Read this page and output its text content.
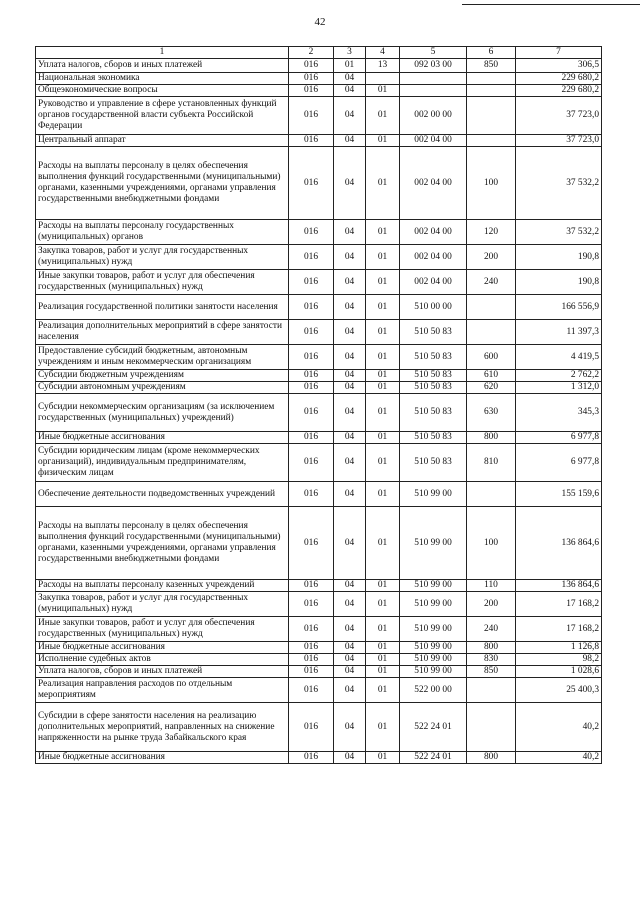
42
1	2	3	4	5	6	7
Уплата налогов, сборов и иных платежей	016	01	13	092 03 00	850	306,5
Национальная экономика	016	04				229 680,2
Общеэкономические вопросы	016	04	01			229 680,2
Руководство и управление в сфере установленных функций органов государственной власти субъекта Российской Федерации	016	04	01	002 00 00		37 723,0
Центральный аппарат	016	04	01	002 04 00		37 723,0
Расходы на выплаты персоналу в целях обеспечения выполнения функций государственными (муниципальными) органами, казенными учреждениями, органами управления государственными внебюджетными фондами	016	04	01	002 04 00	100	37 532,2
Расходы на выплаты персоналу государственных (муниципальных) органов	016	04	01	002 04 00	120	37 532,2
Закупка товаров, работ и услуг для государственных (муниципальных) нужд	016	04	01	002 04 00	200	190,8
Иные закупки товаров, работ и услуг для обеспечения государственных (муниципальных) нужд	016	04	01	002 04 00	240	190,8
Реализация государственной политики занятости населения	016	04	01	510 00 00		166 556,9
Реализация дополнительных мероприятий в сфере занятости населения	016	04	01	510 50 83		11 397,3
Предоставление субсидий бюджетным, автономным учреждениям и иным некоммерческим организациям	016	04	01	510 50 83	600	4 419,5
Субсидии бюджетным учреждениям	016	04	01	510 50 83	610	2 762,2
Субсидии автономным учреждениям	016	04	01	510 50 83	620	1 312,0
Субсидии некоммерческим организациям (за исключением государственных (муниципальных) учреждений)	016	04	01	510 50 83	630	345,3
Иные бюджетные ассигнования	016	04	01	510 50 83	800	6 977,8
Субсидии юридическим лицам (кроме некоммерческих организаций), индивидуальным предпринимателям, физическим лицам	016	04	01	510 50 83	810	6 977,8
Обеспечение деятельности подведомственных учреждений	016	04	01	510 99 00		155 159,6
Расходы на выплаты персоналу в целях обеспечения выполнения функций государственными (муниципальными) органами, казенными учреждениями, органами управления государственными внебюджетными фондами	016	04	01	510 99 00	100	136 864,6
Расходы на выплаты персоналу казенных учреждений	016	04	01	510 99 00	110	136 864,6
Закупка товаров, работ и услуг для государственных (муниципальных) нужд	016	04	01	510 99 00	200	17 168,2
Иные закупки товаров, работ и услуг для обеспечения государственных (муниципальных) нужд	016	04	01	510 99 00	240	17 168,2
Иные бюджетные ассигнования	016	04	01	510 99 00	800	1 126,8
Исполнение судебных актов	016	04	01	510 99 00	830	98,2
Уплата налогов, сборов и иных платежей	016	04	01	510 99 00	850	1 028,6
Реализация направления расходов по отдельным мероприятиям	016	04	01	522 00 00		25 400,3
Субсидии в сфере занятости населения на реализацию дополнительных мероприятий, направленных на снижение напряженности на рынке труда Забайкальского края	016	04	01	522 24 01		40,2
Иные бюджетные ассигнования	016	04	01	522 24 01	800	40,2
